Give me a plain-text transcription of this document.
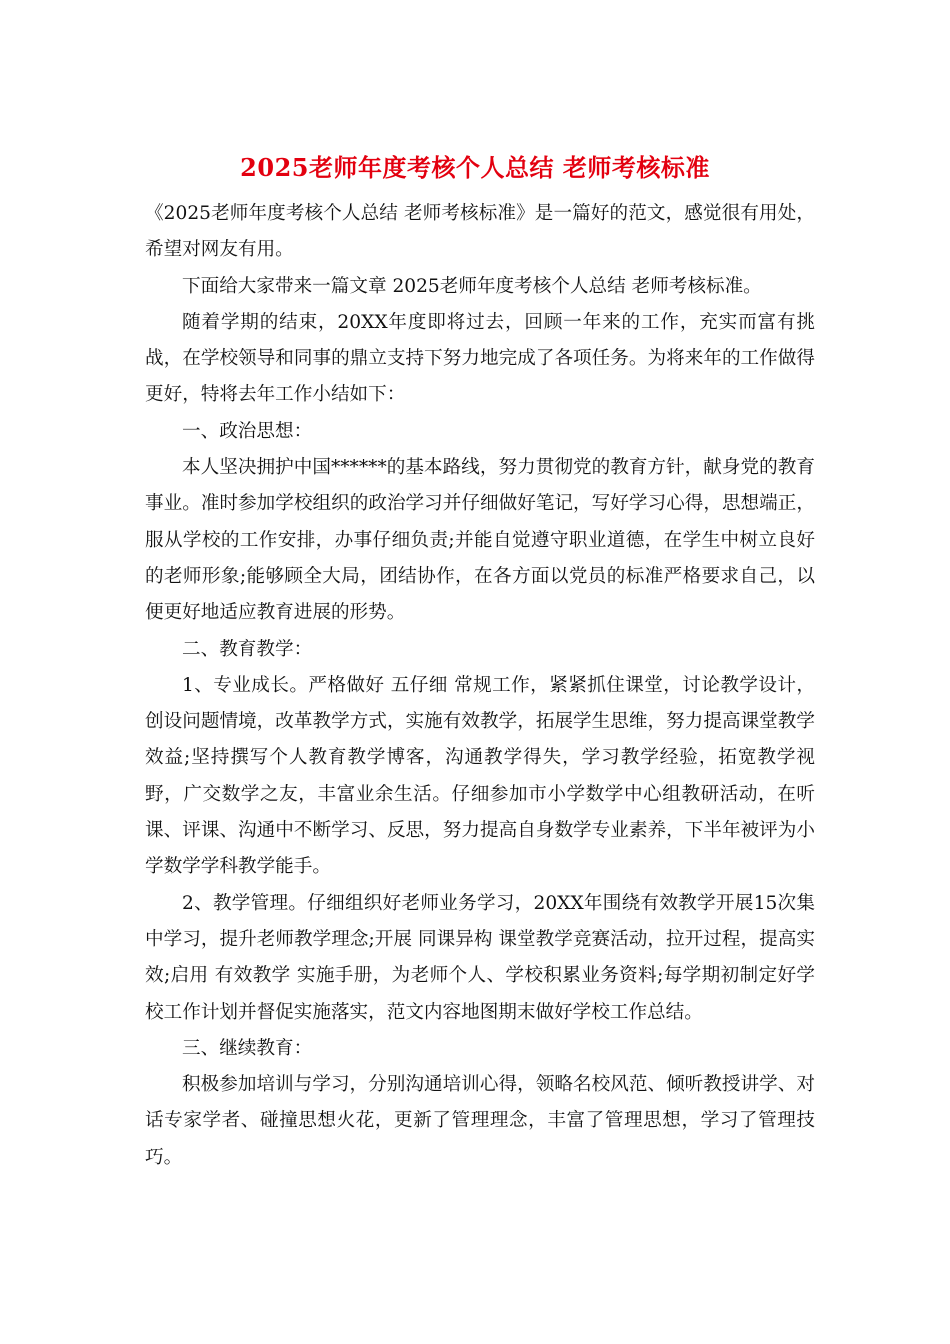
2025老师年度考核个人总结 老师考核标准

《2025老师年度考核个人总结 老师考核标准》是一篇好的范文，感觉很有用处，希望对网友有用。

下面给大家带来一篇文章 2025老师年度考核个人总结 老师考核标准。

随着学期的结束，20XX年度即将过去，回顾一年来的工作，充实而富有挑战，在学校领导和同事的鼎立支持下努力地完成了各项任务。为将来年的工作做得更好，特将去年工作小结如下：

一、政治思想：

本人坚决拥护中国******的基本路线，努力贯彻党的教育方针，献身党的教育事业。准时参加学校组织的政治学习并仔细做好笔记，写好学习心得，思想端正，服从学校的工作安排，办事仔细负责;并能自觉遵守职业道德，在学生中树立良好的老师形象;能够顾全大局，团结协作，在各方面以党员的标准严格要求自己，以便更好地适应教育进展的形势。

二、教育教学：

1、专业成长。严格做好 五仔细 常规工作，紧紧抓住课堂，讨论教学设计，创设问题情境，改革教学方式，实施有效教学，拓展学生思维，努力提高课堂教学效益;坚持撰写个人教育教学博客，沟通教学得失，学习教学经验，拓宽教学视野，广交数学之友，丰富业余生活。仔细参加市小学数学中心组教研活动，在听课、评课、沟通中不断学习、反思，努力提高自身数学专业素养，下半年被评为小学数学学科教学能手。

2、教学管理。仔细组织好老师业务学习，20XX年围绕有效教学开展15次集中学习，提升老师教学理念;开展 同课异构 课堂教学竞赛活动，拉开过程，提高实效;启用 有效教学 实施手册，为老师个人、学校积累业务资料;每学期初制定好学校工作计划并督促实施落实，范文内容地图期末做好学校工作总结。

三、继续教育：

积极参加培训与学习，分别沟通培训心得，领略名校风范、倾听教授讲学、对话专家学者、碰撞思想火花，更新了管理理念，丰富了管理思想，学习了管理技巧。
